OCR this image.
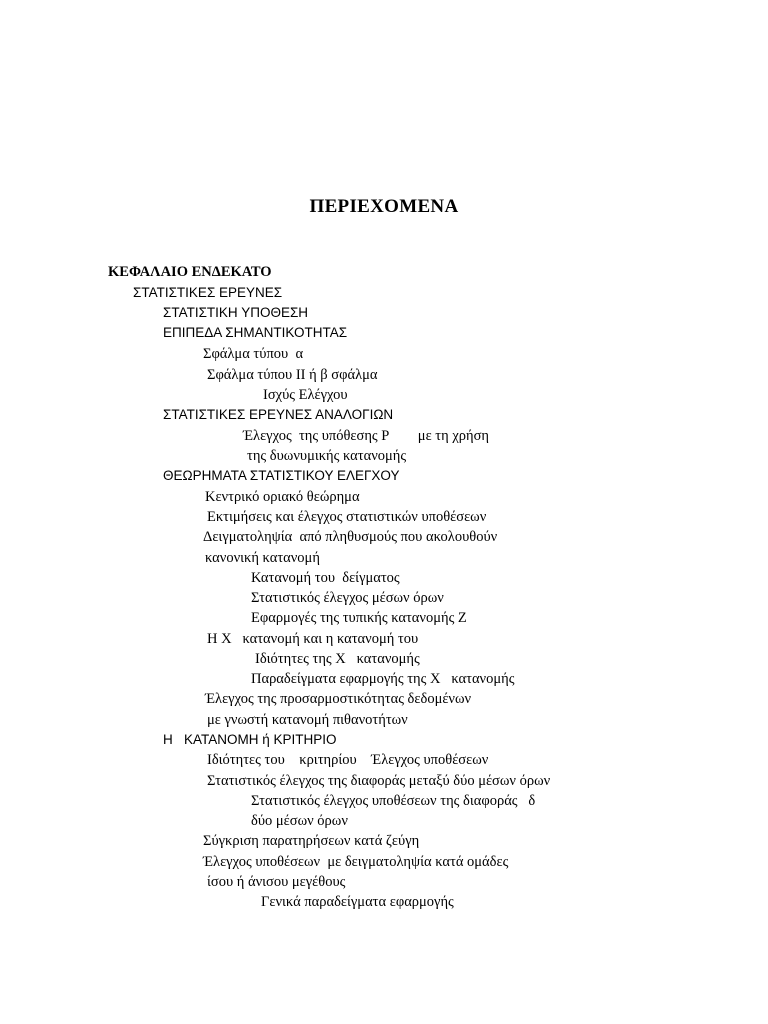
ΠΕΡΙΕΧΟΜΕΝΑ
ΚΕΦΑΛΑΙΟ ΕΝΔΕΚΑΤΟ
ΣΤΑΤΙΣΤΙΚΕΣ ΕΡΕΥΝΕΣ
ΣΤΑΤΙΣΤΙΚΗ ΥΠΟΘΕΣΗ
ΕΠΙΠΕΔΑ ΣΗΜΑΝΤΙΚΟΤΗΤΑΣ
Σφάλμα τύπου  α
Σφάλμα τύπου ΙΙ ή β σφάλμα
Ισχύς Ελέγχου
ΣΤΑΤΙΣΤΙΚΕΣ ΕΡΕΥΝΕΣ ΑΝΑΛΟΓΙΩΝ
Έλεγχος  της υπόθεσης P        με τη χρήση
της δυωνυμικής κατανομής
ΘΕΩΡΗΜΑΤΑ ΣΤΑΤΙΣΤΙΚΟΥ ΕΛΕΓΧΟΥ
Κεντρικό οριακό θεώρημα
Εκτιμήσεις και έλεγχος στατιστικών υποθέσεων
Δειγματοληψία  από πληθυσμούς που ακολουθούν
κανονική κατανομή
Κατανομή του  δείγματος
Στατιστικός έλεγχος μέσων όρων
Εφαρμογές της τυπικής κατανομής Z
Η Χ   κατανομή και η κατανομή του
Ιδιότητες της Χ   κατανομής
Παραδείγματα εφαρμογής της Χ   κατανομής
Έλεγχος της προσαρμοστικότητας δεδομένων
με γνωστή κατανομή πιθανοτήτων
Η   ΚΑΤΑΝΟΜΗ ή ΚΡΙΤΗΡΙΟ
Ιδιότητες του    κριτηρίου    Έλεγχος υποθέσεων
Στατιστικός έλεγχος της διαφοράς μεταξύ δύο μέσων όρων
Στατιστικός έλεγχος υποθέσεων της διαφοράς   δ
δύο μέσων όρων
Σύγκριση παρατηρήσεων κατά ζεύγη
Έλεγχος υποθέσεων  με δειγματοληψία κατά ομάδες
ίσου ή άνισου μεγέθους
Γενικά παραδείγματα εφαρμογής
